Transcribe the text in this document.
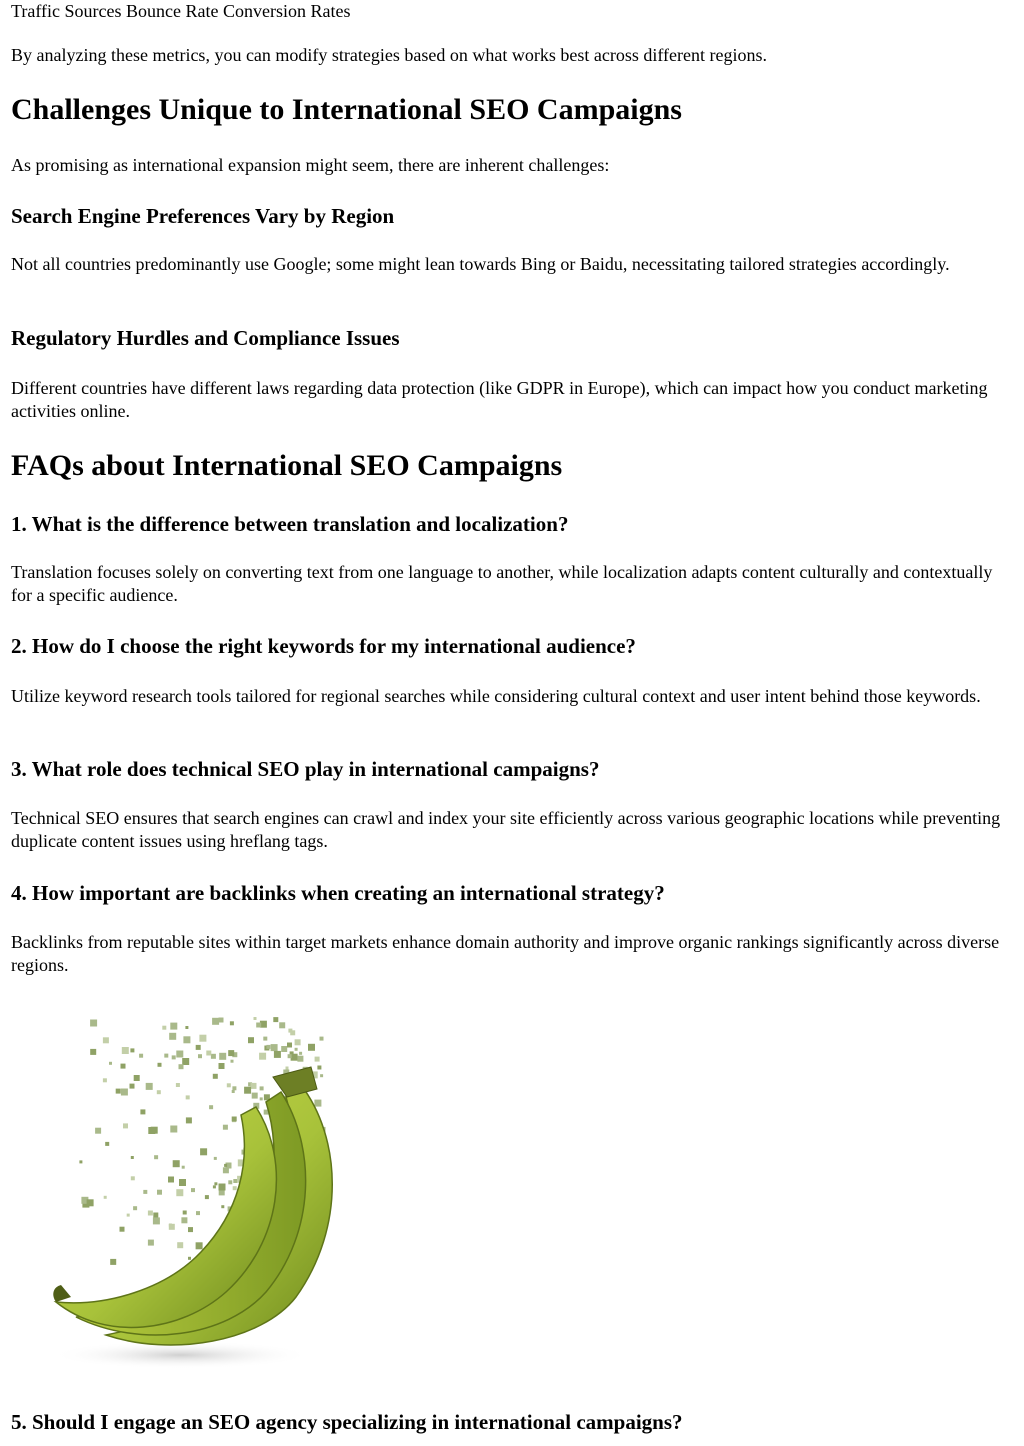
Traffic Sources Bounce Rate Conversion Rates

By analyzing these metrics, you can modify strategies based on what works best across different regions.

Challenges Unique to International SEO Campaigns

As promising as international expansion might seem, there are inherent challenges:

Search Engine Preferences Vary by Region

Not all countries predominantly use Google; some might lean towards Bing or Baidu, necessitating tailored strategies accordingly.

Regulatory Hurdles and Compliance Issues

Different countries have different laws regarding data protection (like GDPR in Europe), which can impact how you conduct marketing activities online.

FAQs about International SEO Campaigns
1. What is the difference between translation and localization?

Translation focuses solely on converting text from one language to another, while localization adapts content culturally and contextually for a specific audience.

2. How do I choose the right keywords for my international audience?

Utilize keyword research tools tailored for regional searches while considering cultural context and user intent behind those keywords.

3. What role does technical SEO play in international campaigns?

Technical SEO ensures that search engines can crawl and index your site efficiently across various geographic locations while preventing duplicate content issues using hreflang tags.

4. How important are backlinks when creating an international strategy?

Backlinks from reputable sites within target markets enhance domain authority and improve organic rankings significantly across diverse regions.

5. Should I engage an SEO agency specializing in international campaigns?
